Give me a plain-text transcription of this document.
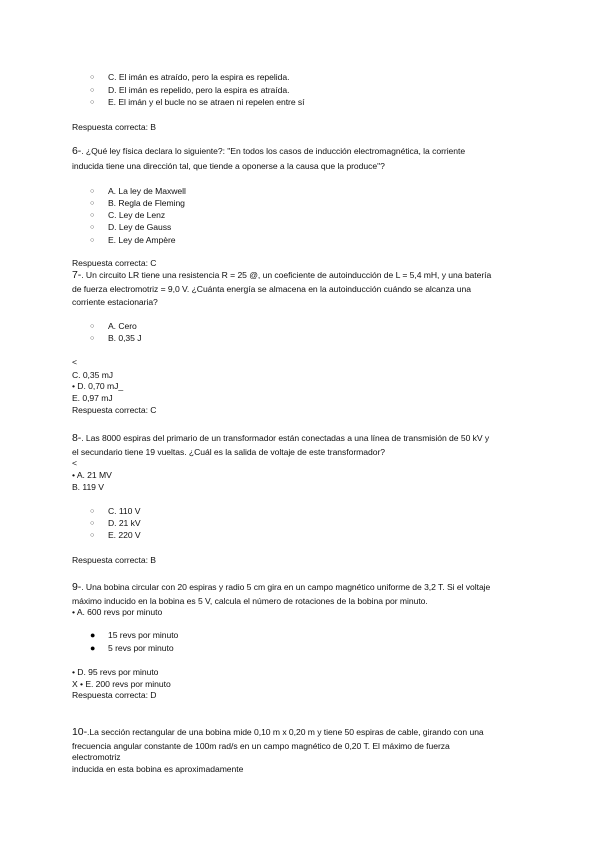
○ C. El imán es atraído, pero la espira es repelida.
○ D. El imán es repelido, pero la espira es atraída.
○ E. El imán y el bucle no se atraen ni repelen entre sí
Respuesta correcta: B
6-. ¿Qué ley física declara lo siguiente?: "En todos los casos de inducción electromagnética, la corriente
inducida tiene una dirección tal, que tiende a oponerse a la causa que la produce"?
○ A. La ley de Maxwell
○ B. Regla de Fleming
○ C. Ley de Lenz
○ D. Ley de Gauss
○ E. Ley de Ampère
Respuesta correcta: C
7-. Un circuito LR tiene una resistencia R = 25 @, un coeficiente de autoinducción de L = 5,4 mH, y una batería
de fuerza electromotriz = 9,0 V. ¿Cuánta energía se almacena en la autoinducción cuándo se alcanza una
corriente estacionaria?
○ A. Cero
○ B. 0,35 J
<
C. 0,35 mJ
• D. 0,70 mJ_
E. 0,97 mJ
Respuesta correcta: C
8-. Las 8000 espiras del primario de un transformador están conectadas a una línea de transmisión de 50 kV y
el secundario tiene 19 vueltas. ¿Cuál es la salida de voltaje de este transformador?
<
• A. 21 MV
B. 119 V
○ C. 110 V
○ D. 21 kV
○ E. 220 V
Respuesta correcta: B
9-. Una bobina circular con 20 espiras y radio 5 cm gira en un campo magnético uniforme de 3,2 T. Si el voltaje
máximo inducido en la bobina es 5 V, calcula el número de rotaciones de la bobina por minuto.
• A. 600 revs por minuto
● 15 revs por minuto
● 5 revs por minuto
• D. 95 revs por minuto
X • E. 200 revs por minuto
Respuesta correcta: D
10-.La sección rectangular de una bobina mide 0,10 m x 0,20 m y tiene 50 espiras de cable, girando con una
frecuencia angular constante de 100m rad/s en un campo magnético de 0,20 T. El máximo de fuerza
electromotriz
inducida en esta bobina es aproximadamente
